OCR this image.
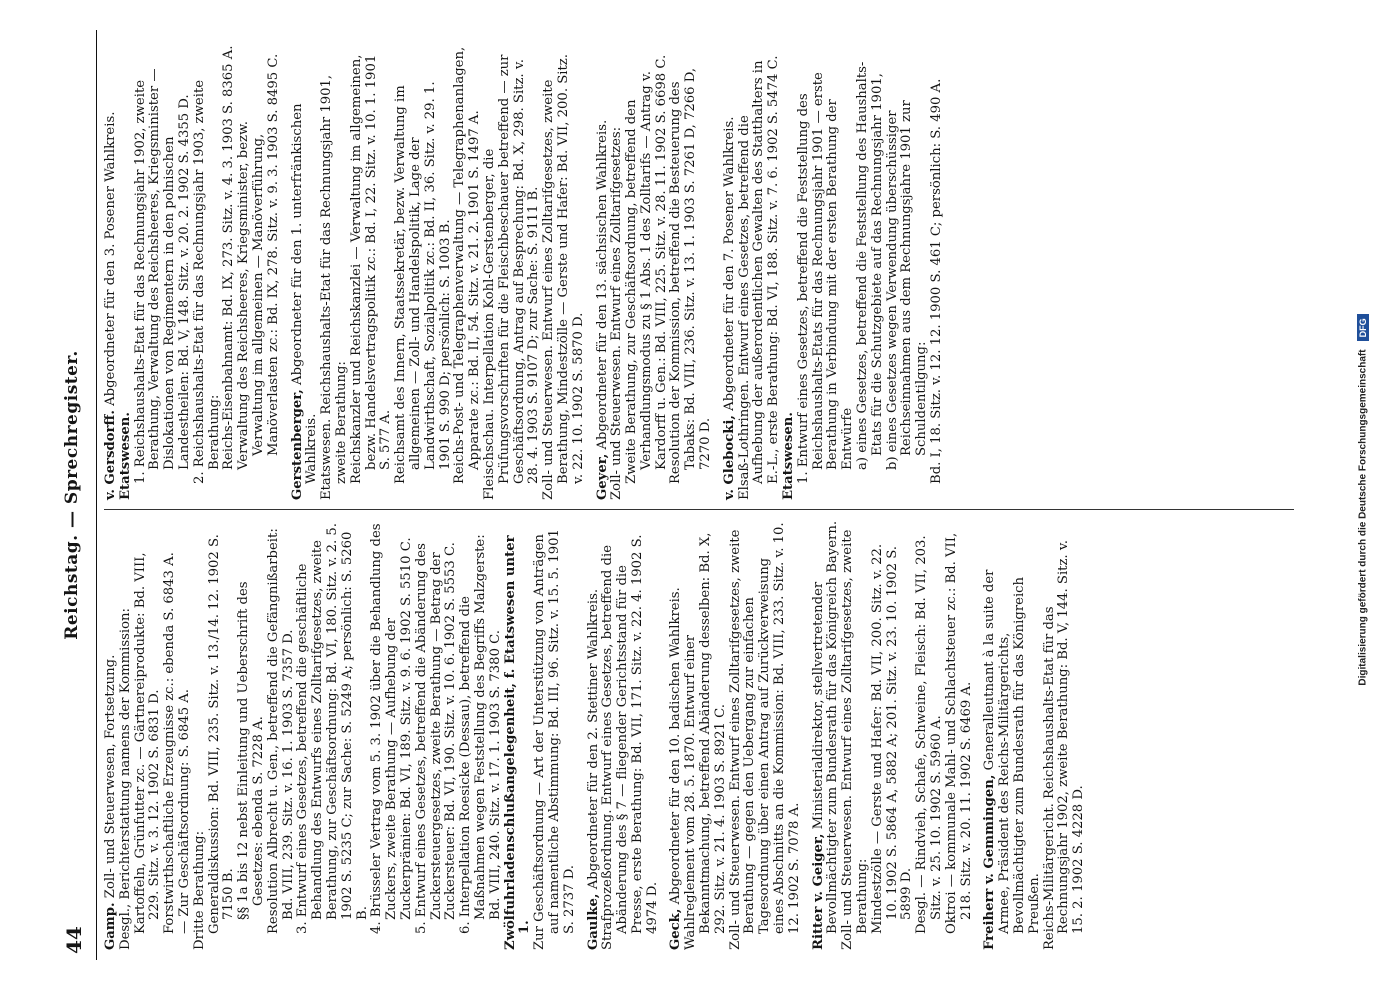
44
Reichstag. — Sprechregister.

Gamp. Zoll- und Steuerwesen, Fortsetzung. Desgl., Berichterstattung namens der Kommission: Kartoffeln, Grünfutter zc. — Gärtnereiprodukte: Bd. VIII, 229. Sitz. v. 3. 12. 1902 S. 6831 D. Forstwirthschaftliche Erzeugnisse zc.: ebenda S. 6843 A. — Zur Geschäftsordnung: S. 6845 A. Dritte Berathung: Generaldiskussion: Bd. VIII, 235. Sitz. v. 13./14. 12. 1902 S. 7150 B. §§ 1a bis 12 nebst Einleitung und Ueberschrift des Gesetzes: ebenda S. 7228 A. Resolution Albrecht u. Gen., betreffend die Gefängnißarbeit: Bd. VIII, 239. Sitz. v. 16. 1. 1903 S. 7357 D. 3. Entwurf eines Gesetzes, betreffend die geschäftliche Behandlung des Entwurfs eines Zolltarifgesetzes, zweite Berathung, zur Geschäftsordnung: Bd. VI, 180. Sitz. v. 2. 5. 1902 S. 5235 C; zur Sache: S. 5249 A; persönlich: S. 5260 B. 4. Brüsseler Vertrag vom 5. 3. 1902 über die Behandlung des Zuckers, zweite Berathung — Aufhebung der Zuckerprämien: Bd. VI, 189. Sitz. v. 9. 6. 1902 S. 5510 C. 5. Entwurf eines Gesetzes, betreffend die Abänderung des Zuckersteuergesetzes, zweite Berathung — Betrag der Zuckersteuer: Bd. VI, 190. Sitz. v. 10. 6. 1902 S. 5553 C. 6. Interpellation Roesicke (Dessau), betreffend die Maßnahmen wegen Feststellung des Begriffs Malzgerste: Bd. VIII, 240. Sitz. v. 17. 1. 1903 S. 7380 C. Zwölfuhrladenschlußangelegenheit, f. Etatswesen unter 1. Zur Geschäftsordnung — Art der Unterstützung von Anträgen auf namentliche Abstimmung: Bd. III, 96. Sitz. v. 15. 5. 1901 S. 2737 D. Gaulke, Abgeordneter für den 2. Stettiner Wahlkreis. Strafprozeßordnung. Entwurf eines Gesetzes, betreffend die Abänderung des § 7 — fliegender Gerichtsstand für die Presse, erste Berathung: Bd. VII, 171. Sitz. v. 22. 4. 1902 S. 4974 D. Geck, Abgeordneter für den 10. badischen Wahlkreis. Wahlreglement vom 28. 5. 1870. Entwurf einer Bekanntmachung, betreffend Abänderung desselben: Bd. X, 292. Sitz. v. 21. 4. 1903 S. 8921 C. Zoll- und Steuerwesen. Entwurf eines Zolltarifgesetzes, zweite Berathung — gegen den Uebergang zur einfachen Tagesordnung über einen Antrag auf Zurückverweisung eines Abschnitts an die Kommission: Bd. VIII, 233. Sitz. v. 10. 12. 1902 S. 7078 A. Ritter v. Geiger, Ministerialdirektor, stellvertretender Bevollmächtigter zum Bundesrath für das Königreich Bayern. Zoll- und Steuerwesen. Entwurf eines Zolltarifgesetzes, zweite Berathung: Mindestzölle — Gerste und Hafer: Bd. VII, 200. Sitz. v. 22. 10. 1902 S. 5864 A, 5882 A; 201. Sitz. v. 23. 10. 1902 S. 5899 D. Desgl. — Rindvieh, Schafe, Schweine, Fleisch: Bd. VII, 203. Sitz. v. 25. 10. 1902 S. 5960 A. Oktroi — kommunale Mahl- und Schlachtsteuer zc.: Bd. VII, 218. Sitz. v. 20. 11. 1902 S. 6469 A. Freiherr v. Gemmingen, Generalleutnant à la suite der Armee, Präsident des Reichs-Militärgerichts, Bevollmächtigter zum Bundesrath für das Königreich Preußen. Reichs-Militärgericht. Reichshaushalts-Etat für das Rechnungsjahr 1902, zweite Berathung: Bd. V, 144. Sitz. v. 15. 2. 1902 S. 4228 D.

v. Gersdorff. Abgeordneter für den 3. Posener Wahlkreis.

Etatswesen. 1. Reichshaushalts-Etat für das Rechnungsjahr 1902, zweite Berathung, Verwaltung des Reichsheeres, Kriegsminister — Dislokationen von Regimentern in den polnischen Landestheilen: Bd. V, 148. Sitz. v. 20. 2. 1902 S. 4355 D. 2. Reichshaushalts-Etat für das Rechnungsjahr 1903, zweite Berathung: Reichs-Eisenbahnamt: Bd. IX, 273. Sitz. v. 4. 3. 1903 S. 8365 A. Verwaltung des Reichsheeres, Kriegsminister, bezw. Verwaltung im allgemeinen — Manöverführung, Manöverlasten zc.: Bd. IX, 278. Sitz. v. 9. 3. 1903 S. 8495 C. Gerstenberger, Abgeordneter für den 1. unterfränkischen Wahlkreis. Etatswesen. Reichshaushalts-Etat für das Rechnungsjahr 1901, zweite Berathung: Reichskanzler und Reichskanzlei — Verwaltung im allgemeinen, bezw. Handelsvertragspolitik zc.: Bd. I, 22. Sitz. v. 10. 1. 1901 S. 577 A. Reichsamt des Innern, Staatssekretär, bezw. Verwaltung im allgemeinen — Zoll- und Handelspolitik, Lage der Landwirthschaft, Sozialpolitik zc.: Bd. II, 36. Sitz. v. 29. 1. 1901 S. 990 D; persönlich: S. 1003 B. Reichs-Post- und Telegraphenverwaltung — Telegraphenanlagen, Apparate zc.: Bd. II, 54. Sitz. v. 21. 2. 1901 S. 1497 A. Fleischschau. Interpellation Kohl-Gerstenberger, die Prüfungsvorschriften für die Fleischbeschauer betreffend — zur Geschäftsordnung, Antrag auf Besprechung: Bd. X, 298. Sitz. v. 28. 4. 1903 S. 9107 D; zur Sache: S. 9111 B. Zoll- und Steuerwesen. Entwurf eines Zolltarifgesetzes, zweite Berathung, Mindestzölle — Gerste und Hafer: Bd. VII, 200. Sitz. v. 22. 10. 1902 S. 5870 D. Geyer, Abgeordneter für den 13. sächsischen Wahlkreis. Zoll- und Steuerwesen. Entwurf eines Zolltarifgesetzes: Zweite Berathung, zur Geschäftsordnung, betreffend den Verhandlungsmodus zu § 1 Abs. 1 des Zolltarifs — Antrag v. Kardorff u. Gen.: Bd. VIII, 225. Sitz. v. 28. 11. 1902 S. 6698 C. Resolution der Kommission, betreffend die Besteuerung des Tabaks: Bd. VIII, 236. Sitz. v. 13. 1. 1903 S. 7261 D, 7266 D, 7270 D. v. Glebocki, Abgeordneter für den 7. Posener Wahlkreis. Elsaß-Lothringen. Entwurf eines Gesetzes, betreffend die Aufhebung der außerordentlichen Gewalten des Statthalters in E.-L., erste Berathung: Bd. VI, 188. Sitz. v. 7. 6. 1902 S. 5474 C. Etatswesen. 1. Entwurf eines Gesetzes, betreffend die Feststellung des Reichshaushalts-Etats für das Rechnungsjahr 1901 — erste Berathung in Verbindung mit der ersten Berathung der Entwürfe a) eines Gesetzes, betreffend die Feststellung des Haushalts-Etats für die Schutzgebiete auf das Rechnungsjahr 1901, b) eines Gesetzes wegen Verwendung überschüssiger Reichseinnahmen aus dem Rechnungsjahre 1901 zur Schuldentilgung: Bd. I, 18. Sitz. v. 12. 12. 1900 S. 461 C; persönlich: S. 490 A.

Digitalisierung gefördert durch die Deutsche ForschungsgemeinschaftDFG
